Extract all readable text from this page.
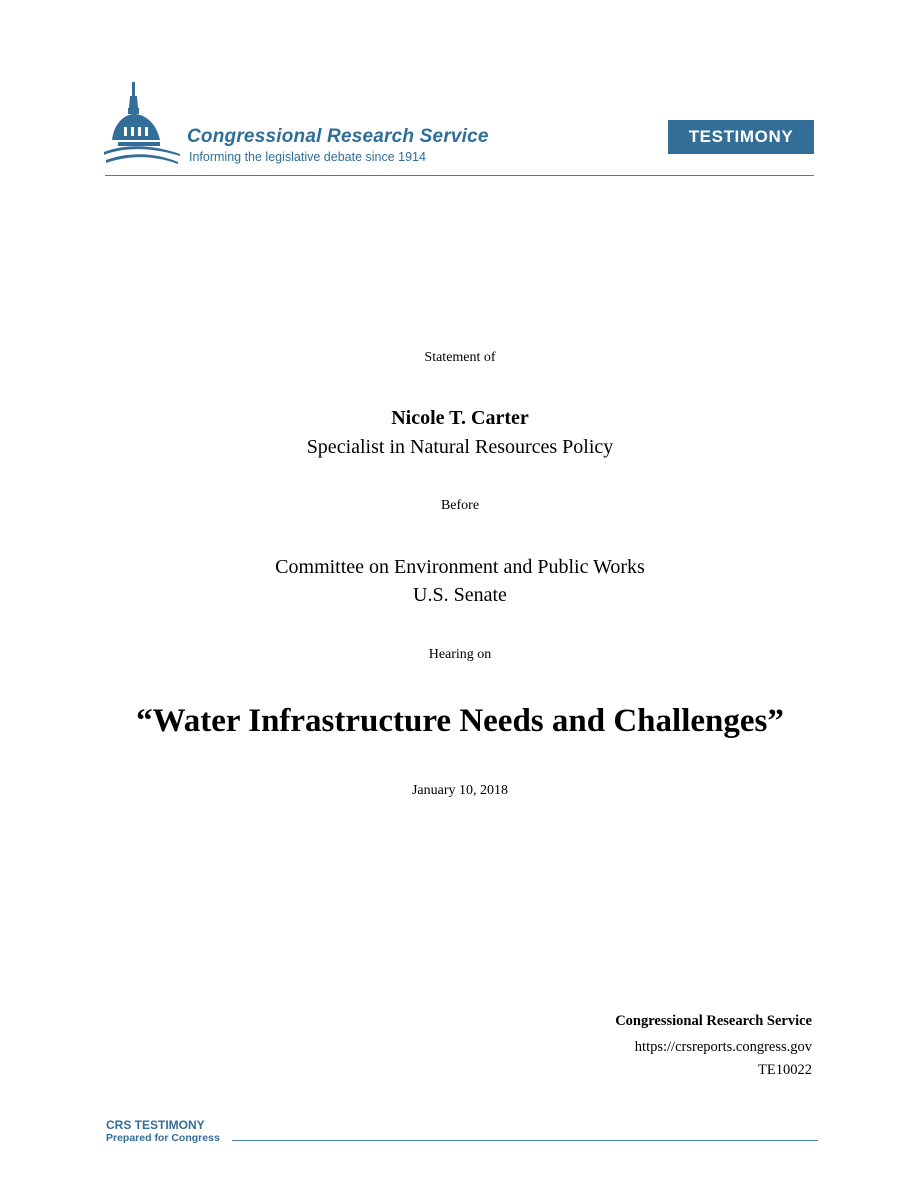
Congressional Research Service
Informing the legislative debate since 1914
TESTIMONY
Statement of
Nicole T. Carter
Specialist in Natural Resources Policy
Before
Committee on Environment and Public Works
U.S. Senate
Hearing on
“Water Infrastructure Needs and Challenges”
January 10, 2018
Congressional Research Service
https://crsreports.congress.gov
TE10022
CRS TESTIMONY
Prepared for Congress
